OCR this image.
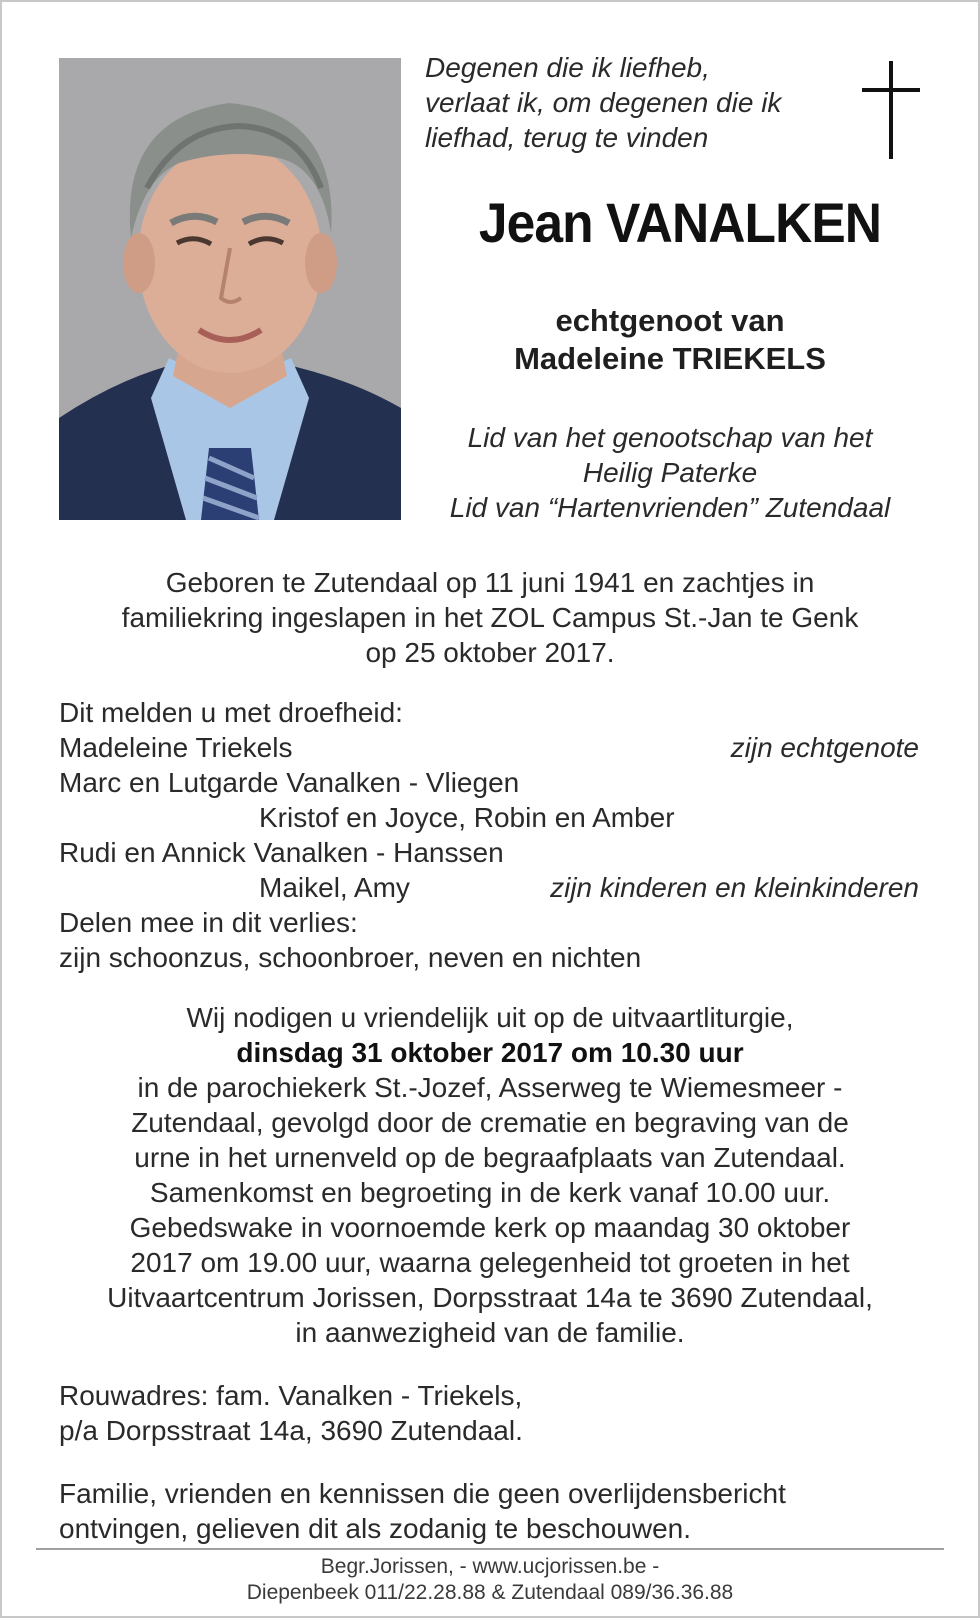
Degenen die ik liefheb,
verlaat ik, om degenen die ik
liefhad, terug te vinden
Jean VANALKEN
echtgenoot van
Madeleine TRIEKELS
Lid van het genootschap van het
Heilig Paterke
Lid van “Hartenvrienden” Zutendaal
Geboren te Zutendaal op 11 juni 1941 en zachtjes in
familiekring ingeslapen in het ZOL Campus St.-Jan te Genk
op 25 oktober 2017.
Dit melden u met droefheid:
Madeleine Triekels	zijn echtgenote
Marc en Lutgarde Vanalken - Vliegen
Kristof en Joyce, Robin en Amber
Rudi en Annick Vanalken - Hanssen
Maikel, Amy	zijn kinderen en kleinkinderen
Delen mee in dit verlies:
zijn schoonzus, schoonbroer, neven en nichten
Wij nodigen u vriendelijk uit op de uitvaartliturgie,
dinsdag 31 oktober 2017 om 10.30 uur
in de parochiekerk St.-Jozef, Asserweg te Wiemesmeer -
Zutendaal, gevolgd door de crematie en begraving van de
urne in het urnenveld op de begraafplaats van Zutendaal.
Samenkomst en begroeting in de kerk vanaf 10.00 uur.
Gebedswake in voornoemde kerk op maandag 30 oktober
2017 om 19.00 uur, waarna gelegenheid tot groeten in het
Uitvaartcentrum Jorissen, Dorpsstraat 14a te 3690 Zutendaal,
in aanwezigheid van de familie.
Rouwadres: fam. Vanalken - Triekels,
p/a Dorpsstraat 14a, 3690 Zutendaal.
Familie, vrienden en kennissen die geen overlijdensbericht
ontvingen, gelieven dit als zodanig te beschouwen.
Begr.Jorissen, - www.ucjorissen.be -
Diepenbeek 011/22.28.88 & Zutendaal 089/36.36.88
